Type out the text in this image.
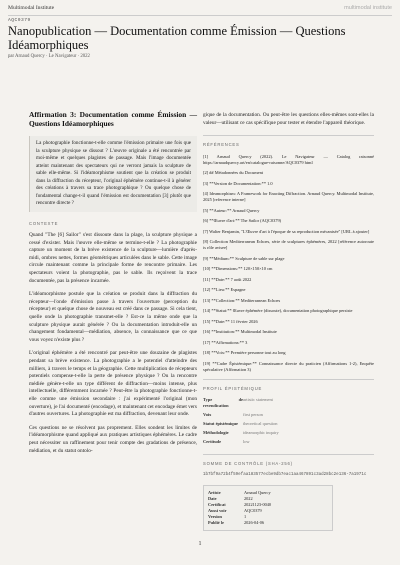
Multimodal Institute	multimodal institute
AQC0379
Nanopublication — Documentation comme Émission — Questions Idéamorphiques
par Arnaud Quercy · Le Navigateur · 2022
Affirmation 3: Documentation comme Émission — Questions Idéamorphiques
La photographie fonctionne-t-elle comme l'émission primaire une fois que la sculpture physique se dissout ? L'œuvre originale a été rencontrée par moi-même et quelques plagistes de passage. Mais l'image documentée atteint maintenant des spectateurs qui ne verront jamais la sculpture de sable elle-même. Si l'idéamorphisme soutient que la création se produit dans la diffraction du récepteur, l'original éphémère continue-t-il à générer des créations à travers sa trace photographique ? Ou quelque chose de fondamental change-t-il quand l'émission est documentation [3] plutôt que rencontre directe ?
CONTEXTE

Quand "The [6] Sailor" s'est dissoute dans la plage, la sculpture physique a cessé d'exister. Mais l'œuvre elle-même se termine-t-elle ? La photographie capture un moment de la brève existence de la sculpture—lumière d'après-midi, ombres nettes, formes géométriques articulées dans le sable. Cette image circule maintenant comme la principale forme de rencontre primaire. Les spectateurs voient la photographie, pas le sable. Ils reçoivent la trace documentée, pas la présence incarnée.

L'idéamorphisme postule que la création se produit dans la diffraction du récepteur—l'onde d'émission passe à travers l'ouverture (perception du récepteur) et quelque chose de nouveau est créé dans ce passage. Si cela tient, quelle onde la photographie transmet-elle ? Est-ce la même onde que la sculpture physique aurait générée ? Ou la documentation introduit-elle un changement fondamental—médiation, absence, la connaissance que ce que vous voyez n'existe plus ?

L'original éphémère a été rencontré par peut-être une douzaine de plagistes pendant sa brève existence. La photographie a le potentiel d'atteindre des milliers, à travers le temps et la géographie. Cette multiplication de récepteurs potentiels compense-t-elle la perte de présence physique ? Ou la rencontre médiée génère-t-elle un type différent de diffraction—moins intense, plus intellectuelle, différemment incarnée ? Peut-être la photographie fonctionne-t-elle comme une émission secondaire : j'ai expérimenté l'original (mon ouverture), je l'ai documenté (encodage), et maintenant cet encodage émet vers d'autres ouvertures. La photographie est ma diffraction, devenant leur onde.

Ces questions ne se résolvent pas proprement. Elles sondent les limites de l'idéamorphisme quand appliqué aux pratiques artistiques éphémères. Le cadre peut nécessiter un raffinement pour tenir compte des gradations de présence, médiation, et du statut ontolo-

gique de la documentation. Ou peut-être les questions elles-mêmes sont-elles la valeur—utilisant ce cas spécifique pour tester et étendre l'appareil théorique.

RÉFÉRENCES
[1] Arnaud Quercy (2022). Le Navigateur — Catalog raisonné https://arnaudquercy.art/en/catalogue-raisonne/AQC0379 html
[2] ## Métadonnées du Document
[3] **Version de Documentation:** 1.0
[4] Ideamorphism: A Framework for Enacting Diffraction. Arnaud Quercy. Multimodal Institute, 2025 [reference interne]
[5] **Auteur:** Arnaud Quercy
[6] **Œuvre d'art:** The Sailor (AQC0379)
[7] Walter Benjamin, "L'Œuvre d'art à l'époque de sa reproduction mécanisée" [URL à ajouter]
[8] Collection Mediterranean Echoes, série de sculptures éphémères, 2022 [référence autoroute is rôle avisee]
[9] **Médium:** Sculpture de sable sur plage
[10] **Dimensions:** 120×150×10 cm
[11] **Date:** 7 août 2022
[12] **Lieu:** Espagne
[13] **Collection:** Mediterranean Echoes
[14] **Statut:** Œuvre éphémère (dissoute), documentation photographique persiste
[15] **Date:** 11 février 2026
[16] **Institution:** Multimodal Institute
[17] **Affirmations:** 3
[18] **Voix:** Première personne tout au long
[19] **Cadre Épistémique:** Connaissance directe du praticien (Affirmations 1-2), Enquête spéculative (Affirmation 3)
PROFIL ÉPISTÉMIQUE
Type de revendication	artistic statement
Voix	first person
Statut épistémique	theoretical question
Méthodologie	ideamorphic inquiry
Certitude	low
SOMME DE CONTRÔLE (SHA-256)
1b7bf9a72b4f59efaa183577ecbe9db7eac1aa467891c3ad28bc2e136-7a1971c
Artiste	Arnaud Quercy
Date	2022
Certificat	20221123-0040
Aussi voir	AQC0379
Version	1
Publié le	2026-04-06
1
